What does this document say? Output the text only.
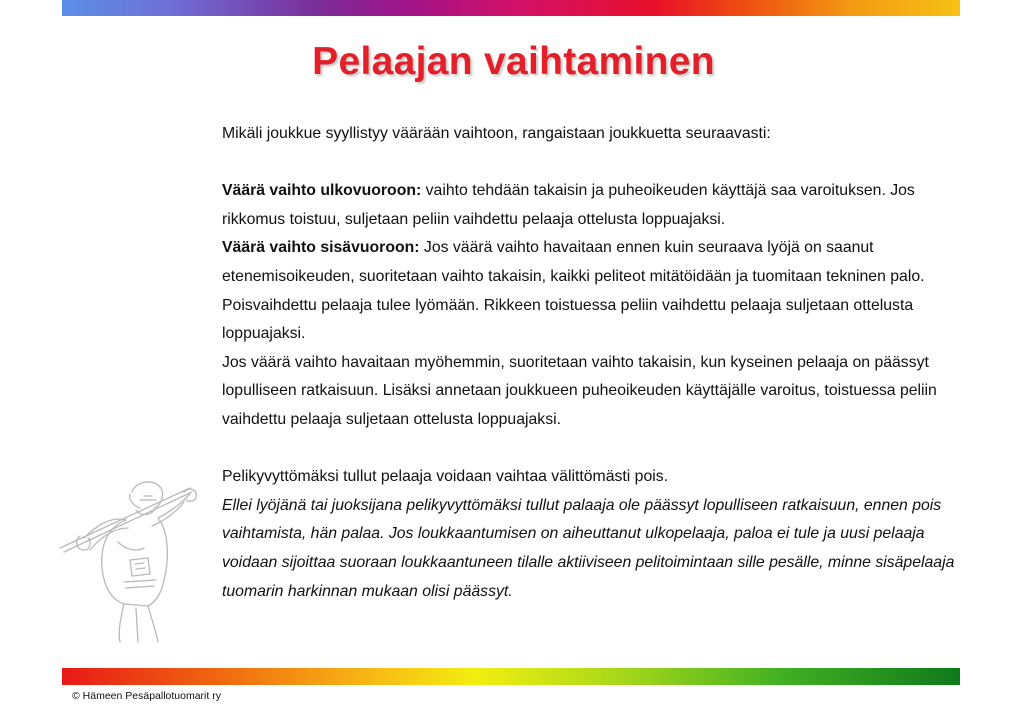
Pelaajan vaihtaminen

Mikäli joukkue syyllistyy väärään vaihtoon, rangaistaan joukkuetta seuraavasti:

Väärä vaihto ulkovuoroon: vaihto tehdään takaisin ja puheoikeuden käyttäjä saa varoituksen. Jos rikkomus toistuu, suljetaan peliin vaihdettu pelaaja ottelusta loppuajaksi.

Väärä vaihto sisävuoroon: Jos väärä vaihto havaitaan ennen kuin seuraava lyöjä on saanut etenemisoikeuden, suoritetaan vaihto takaisin, kaikki peliteot mitätöidään ja tuomitaan tekninen palo. Poisvaihdettu pelaaja tulee lyömään. Rikkeen toistuessa peliin vaihdettu pelaaja suljetaan ottelusta loppuajaksi.

Jos väärä vaihto havaitaan myöhemmin, suoritetaan vaihto takaisin, kun kyseinen pelaaja on päässyt lopulliseen ratkaisuun. Lisäksi annetaan joukkueen puheoikeuden käyttäjälle varoitus, toistuessa peliin vaihdettu pelaaja suljetaan ottelusta loppuajaksi.

Pelikyvyttömäksi tullut pelaaja voidaan vaihtaa välittömästi pois.

Ellei lyöjänä tai juoksijana pelikyvyttömäksi tullut palaaja ole päässyt lopulliseen ratkaisuun, ennen pois vaihtamista, hän palaa. Jos loukkaantumisen on aiheuttanut ulkopelaaja, paloa ei tule ja uusi pelaaja voidaan sijoittaa suoraan loukkaantuneen tilalle aktiiviseen pelitoimintaan sille pesälle, minne sisäpelaaja tuomarin harkinnan mukaan olisi päässyt.

© Hämeen Pesäpallotuomarit ry
